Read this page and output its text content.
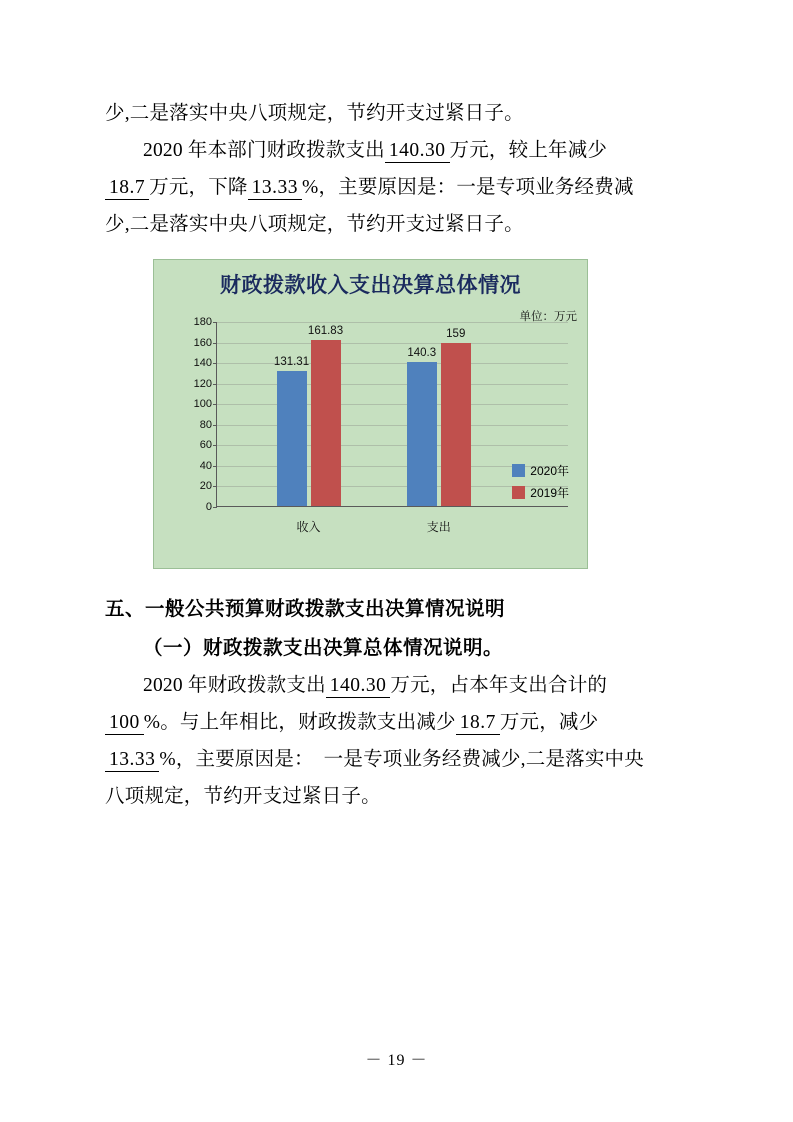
少,二是落实中央八项规定，节约开支过紧日子。

2020 年本部门财政拨款支出 140.30 万元，较上年减少

18.7 万元，下降 13.33 %，主要原因是：一是专项业务经费减

少,二是落实中央八项规定，节约开支过紧日子。

财政拨款收入支出决算总体情况
单位：万元
0
20
40
60
80
100
120
140
160
180
131.31
161.83
收入
140.3
159
支出
2020年
2019年
五、一般公共预算财政拨款支出决算情况说明
（一）财政拨款支出决算总体情况说明。

2020 年财政拨款支出 140.30 万元，占本年支出合计的

100 %。与上年相比，财政拨款支出减少 18.7 万元，减少

13.33 %，主要原因是：　一是专项业务经费减少,二是落实中央

八项规定，节约开支过紧日子。

－ 19 －
